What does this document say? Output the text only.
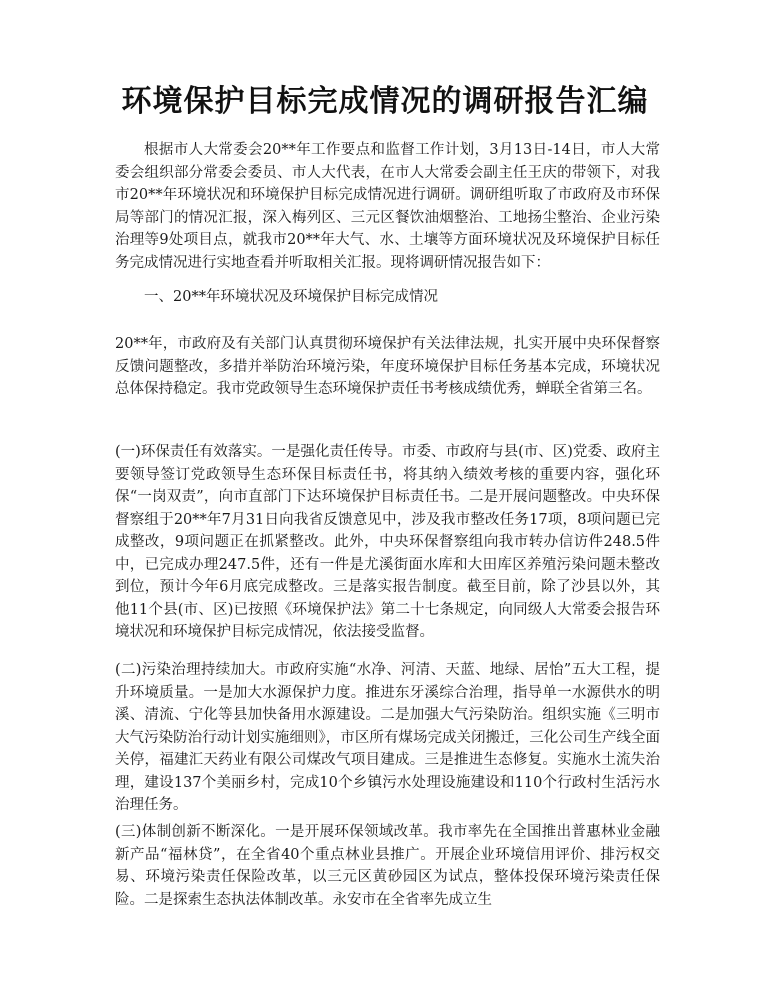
环境保护目标完成情况的调研报告汇编

根据市人大常委会20**年工作要点和监督工作计划，3月13日-14日，市人大常委会组织部分常委会委员、市人大代表，在市人大常委会副主任王庆的带领下，对我市20**年环境状况和环境保护目标完成情况进行调研。调研组听取了市政府及市环保局等部门的情况汇报，深入梅列区、三元区餐饮油烟整治、工地扬尘整治、企业污染治理等9处项目点，就我市20**年大气、水、土壤等方面环境状况及环境保护目标任务完成情况进行实地查看并听取相关汇报。现将调研情况报告如下：

一、20**年环境状况及环境保护目标完成情况

20**年，市政府及有关部门认真贯彻环境保护有关法律法规，扎实开展中央环保督察反馈问题整改，多措并举防治环境污染，年度环境保护目标任务基本完成，环境状况总体保持稳定。我市党政领导生态环境保护责任书考核成绩优秀，蝉联全省第三名。

(一)环保责任有效落实。一是强化责任传导。市委、市政府与县(市、区)党委、政府主要领导签订党政领导生态环保目标责任书，将其纳入绩效考核的重要内容，强化环保“一岗双责”，向市直部门下达环境保护目标责任书。二是开展问题整改。中央环保督察组于20**年7月31日向我省反馈意见中，涉及我市整改任务17项，8项问题已完成整改，9项问题正在抓紧整改。此外，中央环保督察组向我市转办信访件248.5件中，已完成办理247.5件，还有一件是尤溪街面水库和大田库区养殖污染问题未整改到位，预计今年6月底完成整改。三是落实报告制度。截至目前，除了沙县以外，其他11个县(市、区)已按照《环境保护法》第二十七条规定，向同级人大常委会报告环境状况和环境保护目标完成情况，依法接受监督。

(二)污染治理持续加大。市政府实施“水净、河清、天蓝、地绿、居怡”五大工程，提升环境质量。一是加大水源保护力度。推进东牙溪综合治理，指导单一水源供水的明溪、清流、宁化等县加快备用水源建设。二是加强大气污染防治。组织实施《三明市大气污染防治行动计划实施细则》，市区所有煤场完成关闭搬迁，三化公司生产线全面关停，福建汇天药业有限公司煤改气项目建成。三是推进生态修复。实施水土流失治理，建设137个美丽乡村，完成10个乡镇污水处理设施建设和110个行政村生活污水治理任务。

(三)体制创新不断深化。一是开展环保领域改革。我市率先在全国推出普惠林业金融新产品“福林贷”，在全省40个重点林业县推广。开展企业环境信用评价、排污权交易、环境污染责任保险改革，以三元区黄砂园区为试点，整体投保环境污染责任保险。二是探索生态执法体制改革。永安市在全省率先成立生
